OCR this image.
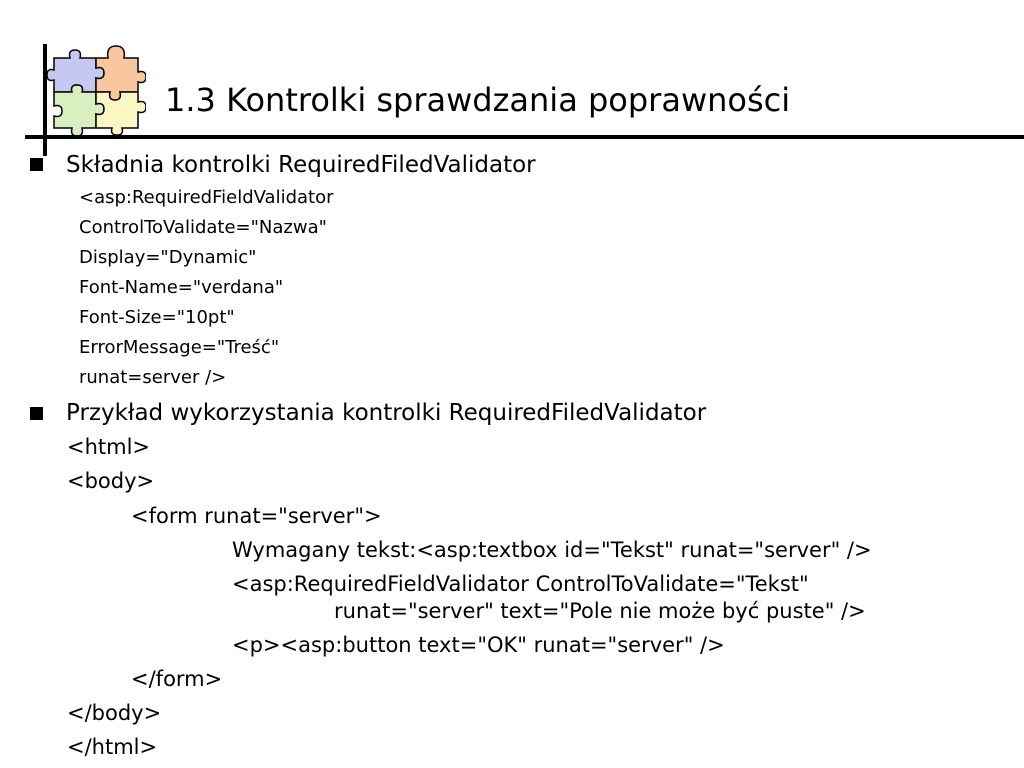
1.3 Kontrolki sprawdzania poprawności
Składnia kontrolki RequiredFiledValidator
<asp:RequiredFieldValidator
ControlToValidate="Nazwa"
Display="Dynamic"
Font-Name="verdana"
Font-Size="10pt"
ErrorMessage="Treść"
runat=server />
Przykład wykorzystania kontrolki RequiredFiledValidator
<html>
<body>
<form runat="server">
Wymagany tekst:<asp:textbox id="Tekst" runat="server" />
<asp:RequiredFieldValidator ControlToValidate="Tekst"
runat="server" text="Pole nie może być puste" />
<p><asp:button text="OK" runat="server" />
</form>
</body>
</html>
